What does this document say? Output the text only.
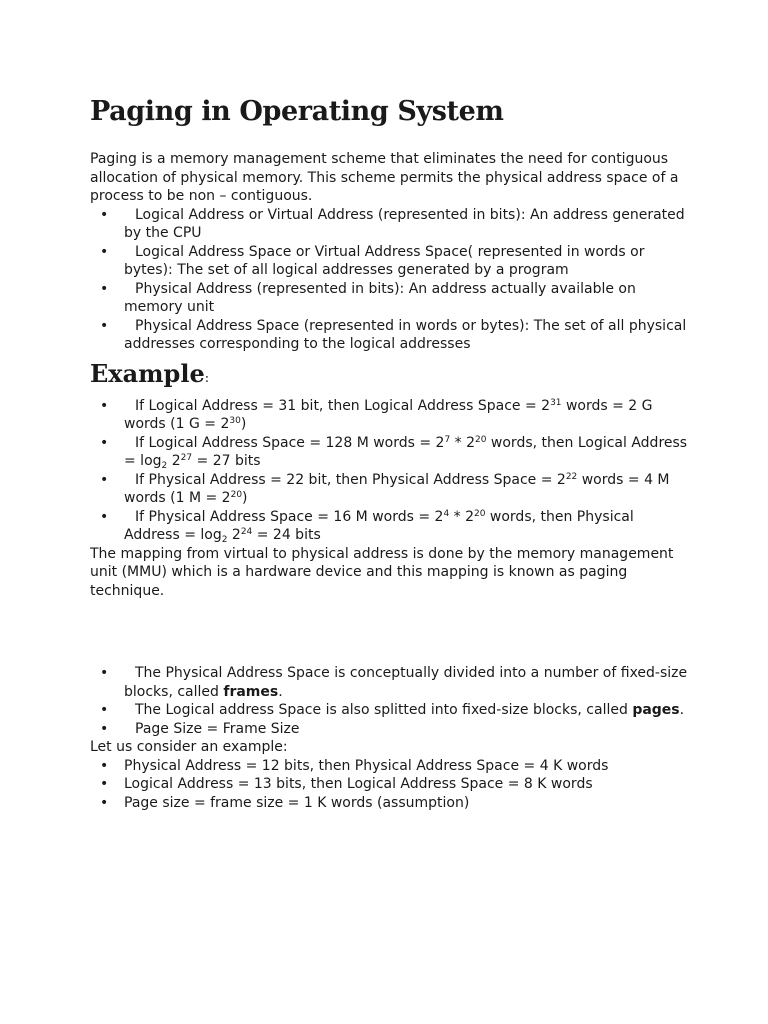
Paging in Operating System

Paging is a memory management scheme that eliminates the need for contiguous allocation of physical memory. This scheme permits the physical address space of a process to be non – contiguous.

• Logical Address or Virtual Address (represented in bits): An address generated by the CPU
• Logical Address Space or Virtual Address Space( represented in words or bytes): The set of all logical addresses generated by a program
• Physical Address (represented in bits): An address actually available on memory unit
• Physical Address Space (represented in words or bytes): The set of all physical addresses corresponding to the logical addresses
Example:
• If Logical Address = 31 bit, then Logical Address Space = $2^{31}$ words = 2 G words (1 $G = 2^{30}$)
• If Logical Address Space = 128 M words = $2^7 * 2^{20}$ words, then Logical Address = $\log_2 2^{27} = 27$ bits
• If Physical Address = 22 bit, then Physical Address Space = $2^{22}$ words = 4 M words (1 $M = 2^{20}$)
• If Physical Address Space = 16 M words = $2^4 * 2^{20}$ words, then Physical Address = $\log_2 2^{24} = 24$ bits

The mapping from virtual to physical address is done by the memory management unit (MMU) which is a hardware device and this mapping is known as paging technique.

• The Physical Address Space is conceptually divided into a number of fixed-size blocks, called frames.
• The Logical address Space is also splitted into fixed-size blocks, called pages.
• Page Size = Frame Size

Let us consider an example:

• Physical Address = 12 bits, then Physical Address Space = 4 K words
• Logical Address = 13 bits, then Logical Address Space = 8 K words
• Page size = frame size = 1 K words (assumption)
